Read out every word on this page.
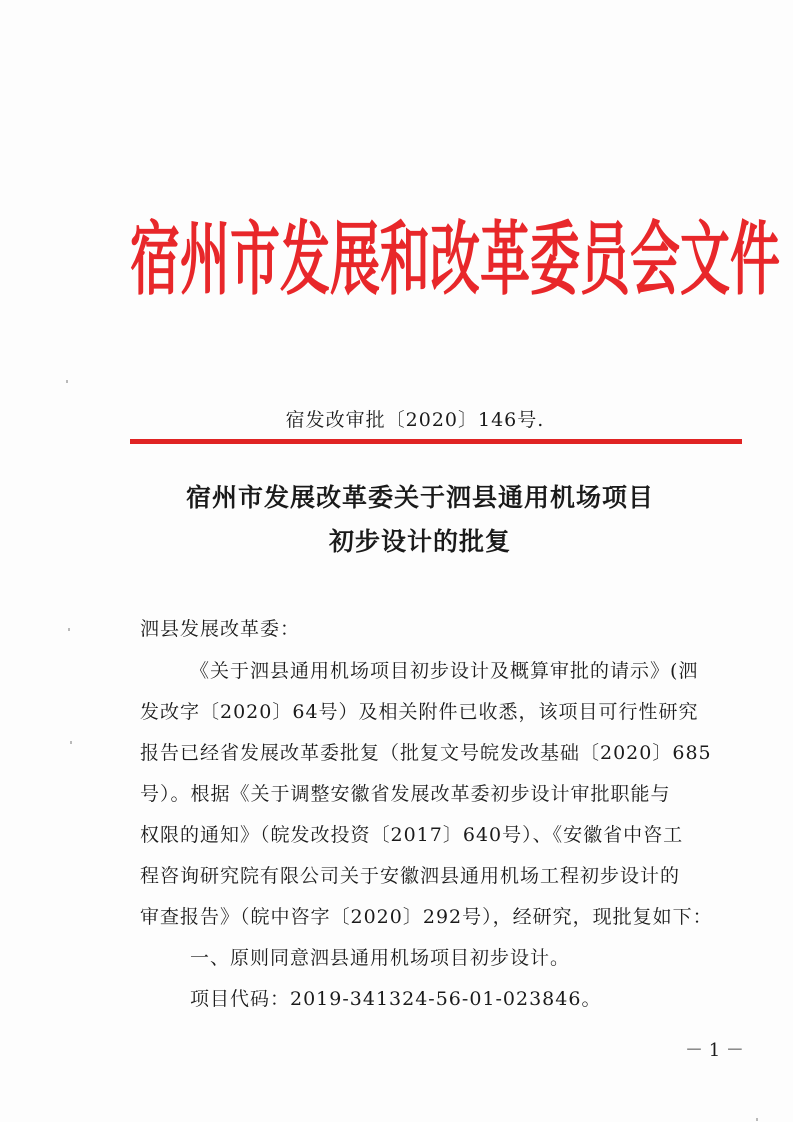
宿州市发展和改革委员会文件
宿发改审批〔2020〕146号.
宿州市发展改革委关于泗县通用机场项目
初步设计的批复
泗县发展改革委：
《关于泗县通用机场项目初步设计及概算审批的请示》(泗
发改字〔2020〕64号）及相关附件已收悉，该项目可行性研究
报告已经省发展改革委批复（批复文号皖发改基础〔2020〕685
号）。根据《关于调整安徽省发展改革委初步设计审批职能与
权限的通知》（皖发改投资〔2017〕640号）、《安徽省中咨工
程咨询研究院有限公司关于安徽泗县通用机场工程初步设计的
审查报告》（皖中咨字〔2020〕292号），经研究，现批复如下：
一、原则同意泗县通用机场项目初步设计。
项目代码：2019-341324-56-01-023846。
－ 1 －
